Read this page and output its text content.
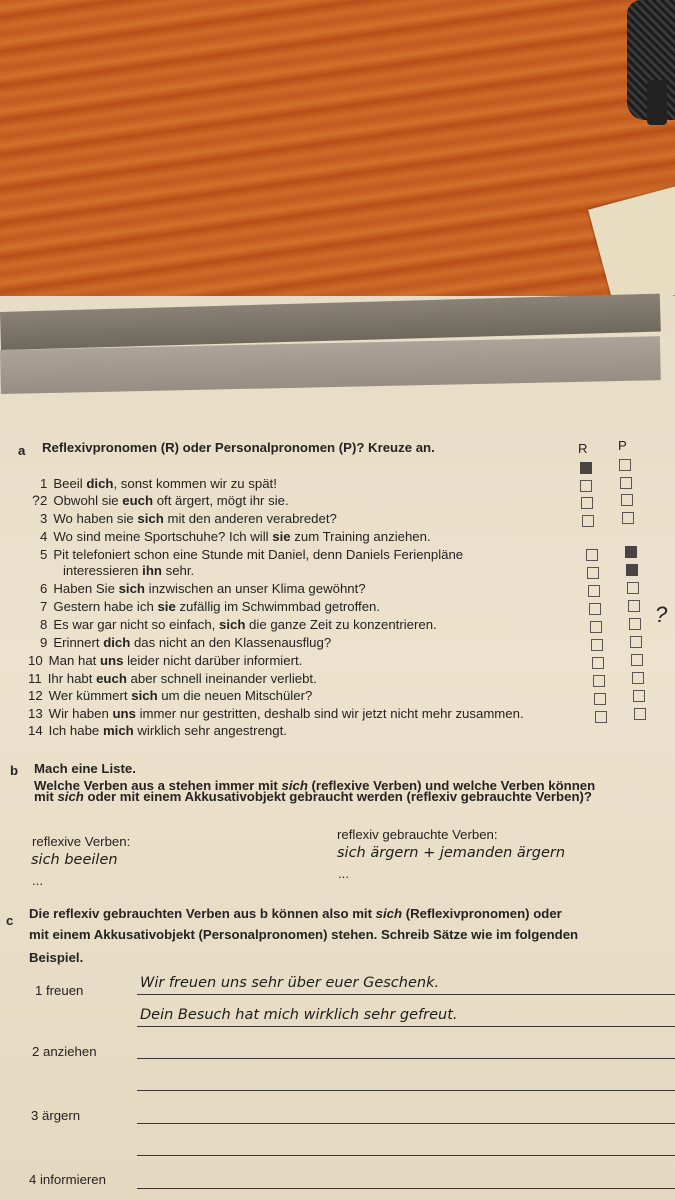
a Reflexivpronomen (R) oder Personalpronomen (P)? Kreuze an.	R P
1 Beeil dich, sonst kommen wir zu spät!
2 Obwohl sie euch oft ärgert, mögt ihr sie.
3 Wo haben sie sich mit den anderen verabredet?
4 Wo sind meine Sportschuhe? Ich will sie zum Training anziehen.
5 Pit telefoniert schon eine Stunde mit Daniel, denn Daniels Ferienpläne
interessieren ihn sehr.
6 Haben Sie sich inzwischen an unser Klima gewöhnt?
7 Gestern habe ich sie zufällig im Schwimmbad getroffen.
8 Es war gar nicht so einfach, sich die ganze Zeit zu konzentrieren.
9 Erinnert dich das nicht an den Klassenausflug?
10 Man hat uns leider nicht darüber informiert.
11 Ihr habt euch aber schnell ineinander verliebt.
12 Wer kümmert sich um die neuen Mitschüler?
13 Wir haben uns immer nur gestritten, deshalb sind wir jetzt nicht mehr zusammen.
14 Ich habe mich wirklich sehr angestrengt.
?
?
b Mach eine Liste.
Welche Verben aus a stehen immer mit sich (reflexive Verben) und welche Verben können
mit sich oder mit einem Akkusativobjekt gebraucht werden (reflexiv gebrauchte Verben)?
reflexive Verben:
sich beeilen
...
reflexiv gebrauchte Verben:
sich ärgern + jemanden ärgern
...
c Die reflexiv gebrauchten Verben aus b können also mit sich (Reflexivpronomen) oder
mit einem Akkusativobjekt (Personalpronomen) stehen. Schreib Sätze wie im folgenden
Beispiel.
1 freuen	Wir freuen uns sehr über euer Geschenk.
Dein Besuch hat mich wirklich sehr gefreut.
2 anziehen
3 ärgern
4 informieren
